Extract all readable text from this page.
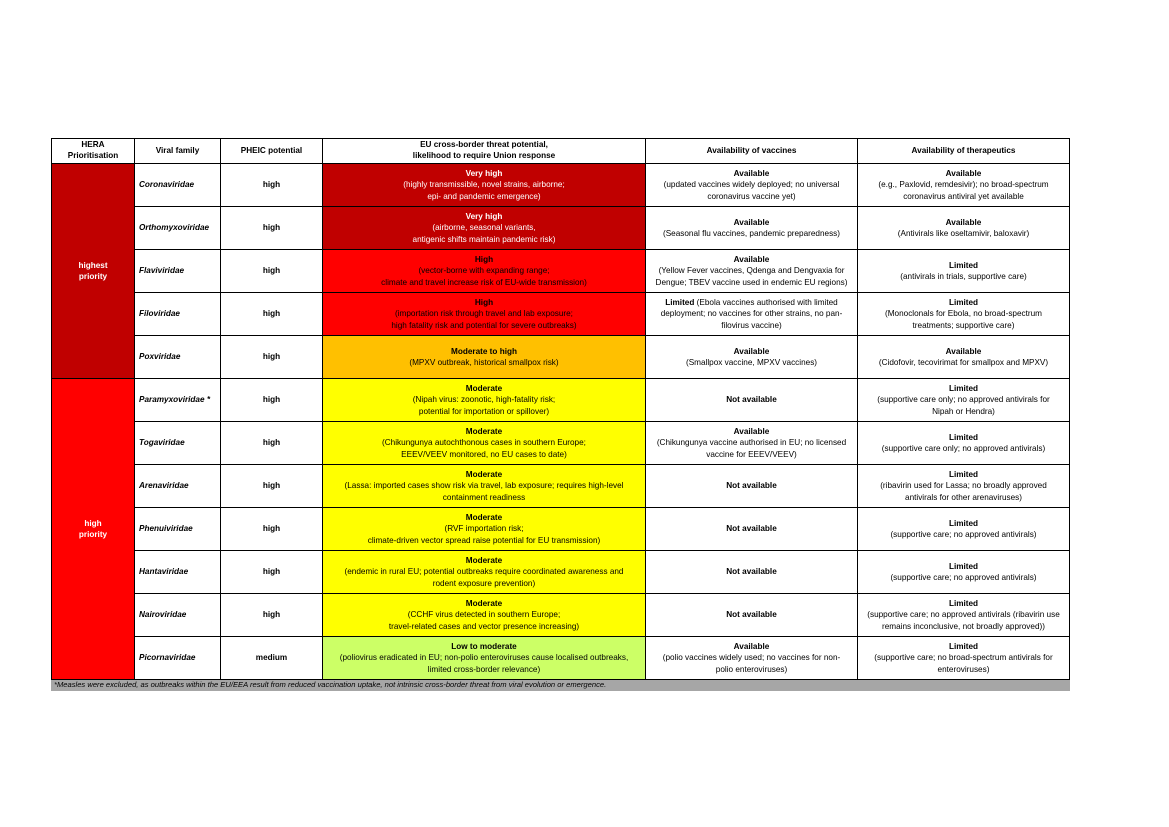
HERA
Prioritisation	Viral family	PHEIC potential	EU cross-border threat potential,
likelihood to require Union response	Availability of vaccines	Availability of therapeutics
highest
priority	Coronaviridae	high	Very high
(highly transmissible, novel strains, airborne;
epi- and pandemic emergence)	Available
(updated vaccines widely deployed; no universal
coronavirus vaccine yet)	Available
(e.g., Paxlovid, remdesivir); no broad-spectrum
coronavirus antiviral yet available
	Orthomyxoviridae	high	Very high
(airborne, seasonal variants,
antigenic shifts maintain pandemic risk)	Available
(Seasonal flu vaccines, pandemic preparedness)	Available
(Antivirals like oseltamivir, baloxavir)
	Flaviviridae	high	High
(vector-borne with expanding range;
climate and travel increase risk of EU-wide transmission)	Available
(Yellow Fever vaccines, Qdenga and Dengvaxia for
Dengue; TBEV vaccine used in endemic EU regions)	Limited
(antivirals in trials, supportive care)
	Filoviridae	high	High
(importation risk through travel and lab exposure;
high fatality risk and potential for severe outbreaks)	Limited (Ebola vaccines authorised with limited
deployment; no vaccines for other strains, no pan-
filovirus vaccine)	Limited
(Monoclonals for Ebola, no broad-spectrum
treatments; supportive care)
	Poxviridae	high	Moderate to high
(MPXV outbreak, historical smallpox risk)	Available
(Smallpox vaccine, MPXV vaccines)	Available
(Cidofovir, tecovirimat for smallpox and MPXV)
high
priority	Paramyxoviridae *	high	Moderate
(Nipah virus: zoonotic, high-fatality risk;
potential for importation or spillover)	Not available	Limited
(supportive care only; no approved antivirals for
Nipah or Hendra)
	Togaviridae	high	Moderate
(Chikungunya autochthonous cases in southern Europe;
EEEV/VEEV monitored, no EU cases to date)	Available
(Chikungunya vaccine authorised in EU; no licensed
vaccine for EEEV/VEEV)	Limited
(supportive care only; no approved antivirals)
	Arenaviridae	high	Moderate
(Lassa: imported cases show risk via travel, lab exposure; requires high-level
containment readiness	Not available	Limited
(ribavirin used for Lassa; no broadly approved
antivirals for other arenaviruses)
	Phenuiviridae	high	Moderate
(RVF importation risk;
climate-driven vector spread raise potential for EU transmission)	Not available	Limited
(supportive care; no approved antivirals)
	Hantaviridae	high	Moderate
(endemic in rural EU; potential outbreaks require coordinated awareness and
rodent exposure prevention)	Not available	Limited
(supportive care; no approved antivirals)
	Nairoviridae	high	Moderate
(CCHF virus detected in southern Europe;
travel-related cases and vector presence increasing)	Not available	Limited
(supportive care; no approved antivirals (ribavirin use
remains inconclusive, not broadly approved))
	Picornaviridae	medium	Low to moderate
(poliovirus eradicated in EU; non-polio enteroviruses cause localised outbreaks,
limited cross-border relevance)	Available
(polio vaccines widely used; no vaccines for non-
polio enteroviruses)	Limited
(supportive care; no broad-spectrum antivirals for
enteroviruses)
*Measles were excluded, as outbreaks within the EU/EEA result from reduced vaccination uptake, not intrinsic cross-border threat from viral evolution or emergence.					
